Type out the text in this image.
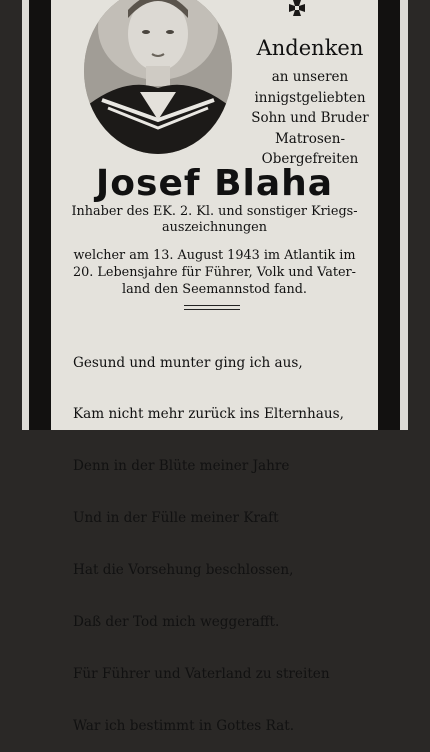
Andenken
an unseren
innigstgeliebten
Sohn und Bruder
Matrosen-
Obergefreiten
Josef Blaha
Inhaber des EK. 2. Kl. und sonstiger Kriegs-
auszeichnungen
welcher am 13. August 1943 im Atlantik im
20. Lebensjahre für Führer, Volk und Vater-
land den Seemannstod fand.

Gesund und munter ging ich aus,

Kam nicht mehr zurück ins Elternhaus,

Denn in der Blüte meiner Jahre

Und in der Fülle meiner Kraft

Hat die Vorsehung beschlossen,

Daß der Tod mich weggerafft.

Für Führer und Vaterland zu streiten

War ich bestimmt in Gottes Rat.
